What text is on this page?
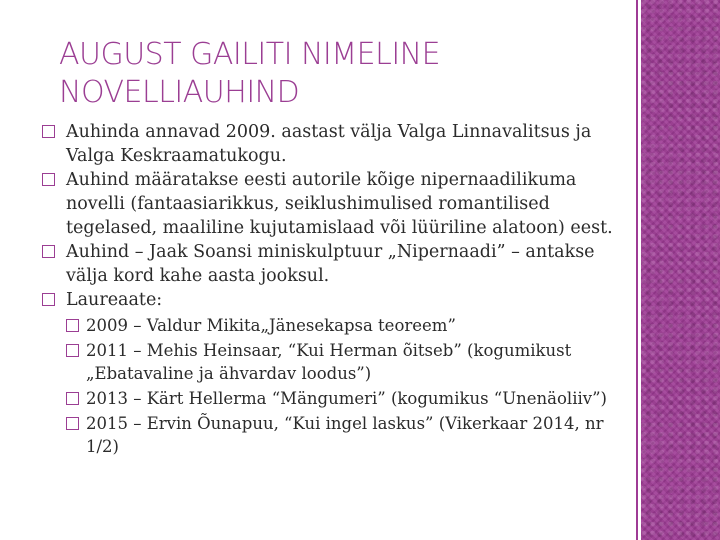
AUGUST GAILITI NIMELINE
NOVELLIAUHIND
Auhinda annavad 2009. aastast välja Valga Linnavalitsus ja Valga Keskraamatukogu.
Auhind määratakse eesti autorile kõige nipernaadilikuma novelli (fantaasiarikkus, seiklushimulised romantilised tegelased, maaliline kujutamislaad või lüüriline alatoon) eest.
Auhind – Jaak Soansi miniskulptuur „Nipernaadi” – antakse välja kord kahe aasta jooksul.
Laureaate:
2009 – Valdur Mikita„Jänesekapsa teoreem”
2011 – Mehis Heinsaar, “Kui Herman õitseb” (kogumikust „Ebatavaline ja ähvardav loodus”)
2013 – Kärt Hellerma “Mängumeri” (kogumikus “Unenäoliiv”)
2015 – Ervin Õunapuu, “Kui ingel laskus” (Vikerkaar 2014, nr 1/2)
